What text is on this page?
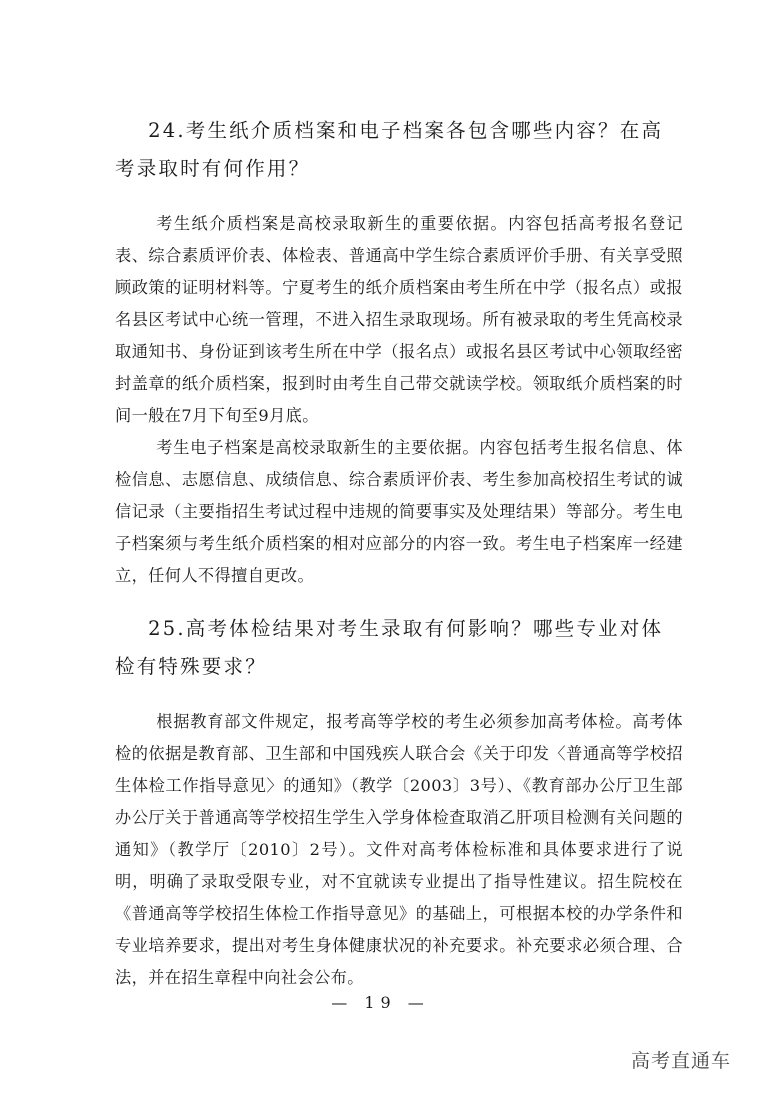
24.考生纸介质档案和电子档案各包含哪些内容？在高考录取时有何作用？

考生纸介质档案是高校录取新生的重要依据。内容包括高考报名登记表、综合素质评价表、体检表、普通高中学生综合素质评价手册、有关享受照顾政策的证明材料等。宁夏考生的纸介质档案由考生所在中学（报名点）或报名县区考试中心统一管理，不进入招生录取现场。所有被录取的考生凭高校录取通知书、身份证到该考生所在中学（报名点）或报名县区考试中心领取经密封盖章的纸介质档案，报到时由考生自己带交就读学校。领取纸介质档案的时间一般在7月下旬至9月底。

考生电子档案是高校录取新生的主要依据。内容包括考生报名信息、体检信息、志愿信息、成绩信息、综合素质评价表、考生参加高校招生考试的诚信记录（主要指招生考试过程中违规的简要事实及处理结果）等部分。考生电子档案须与考生纸介质档案的相对应部分的内容一致。考生电子档案库一经建立，任何人不得擅自更改。

25.高考体检结果对考生录取有何影响？哪些专业对体检有特殊要求？

根据教育部文件规定，报考高等学校的考生必须参加高考体检。高考体检的依据是教育部、卫生部和中国残疾人联合会《关于印发〈普通高等学校招生体检工作指导意见〉的通知》（教学〔2003〕3号）、《教育部办公厅卫生部办公厅关于普通高等学校招生学生入学身体检查取消乙肝项目检测有关问题的通知》（教学厅〔2010〕2号）。文件对高考体检标准和具体要求进行了说明，明确了录取受限专业，对不宜就读专业提出了指导性建议。招生院校在《普通高等学校招生体检工作指导意见》的基础上，可根据本校的办学条件和专业培养要求，提出对考生身体健康状况的补充要求。补充要求必须合理、合法，并在招生章程中向社会公布。

— 19 —
高考直通车
